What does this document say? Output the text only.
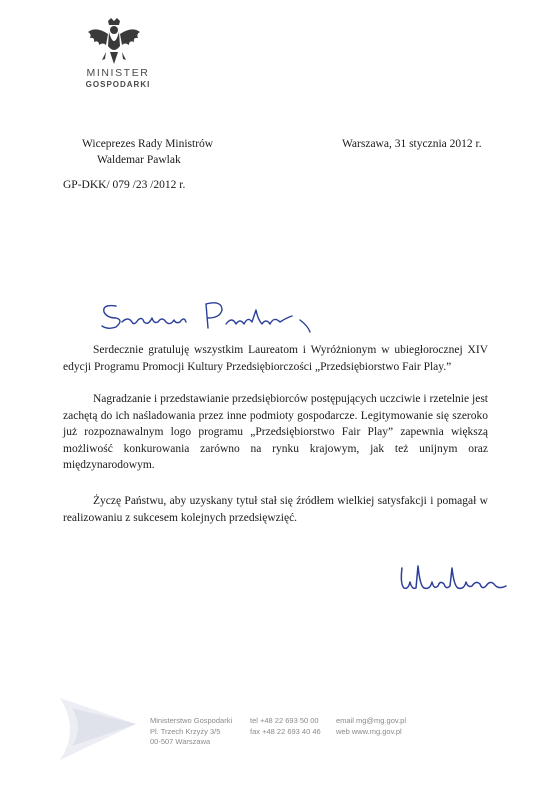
MINISTER
GOSPODARKI
Wiceprezes Rady Ministrów
Waldemar Pawlak
GP-DKK/ 079 /23 /2012 r.
Warszawa, 31 stycznia 2012 r.

Serdecznie gratuluję wszystkim Laureatom i Wyróżnionym w ubiegłorocznej XIV edycji Programu Promocji Kultury Przedsiębiorczości „Przedsiębiorstwo Fair Play.”

Nagradzanie i przedstawianie przedsiębiorców postępujących uczciwie i rzetelnie jest zachętą do ich naśladowania przez inne podmioty gospodarcze. Legitymowanie się szeroko już rozpoznawalnym logo programu „Przedsiębiorstwo Fair Play” zapewnia większą możliwość konkurowania zarówno na rynku krajowym, jak też unijnym oraz międzynarodowym.

Życzę Państwu, aby uzyskany tytuł stał się źródłem wielkiej satysfakcji i pomagał w realizowaniu z sukcesem kolejnych przedsięwzięć.

Ministerstwo Gospodarki
Pl. Trzech Krzyży 3/5
00-507 Warszawa
tel +48 22 693 50 00
fax +48 22 693 40 46
email mg@mg.gov.pl
web www.mg.gov.pl
